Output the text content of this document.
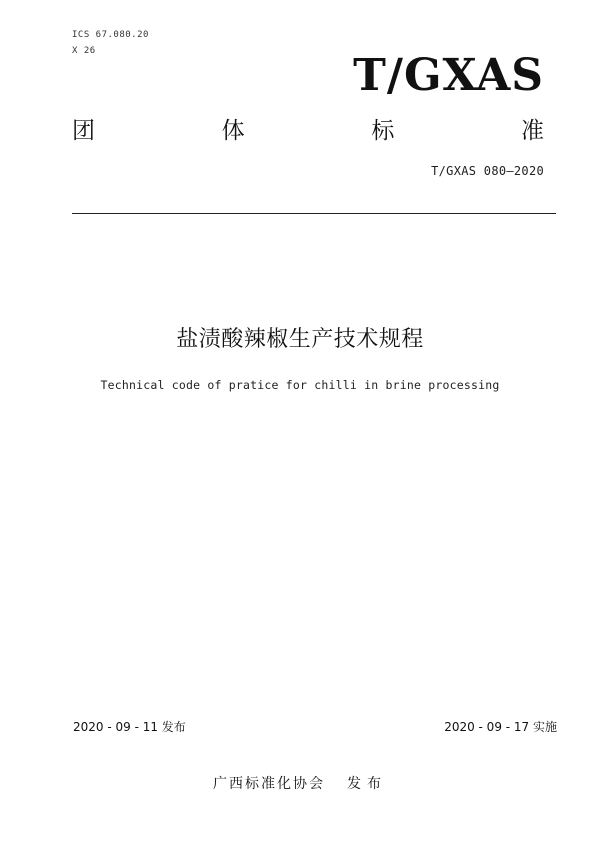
ICS 67.080.20
X 26	T/GXAS
团	体	标	准
T/GXAS 080—2020
盐渍酸辣椒生产技术规程
Technical code of pratice for chilli in brine processing
2020 - 09 - 11 发布	2020 - 09 - 17 实施
广西标准化协会 发布
